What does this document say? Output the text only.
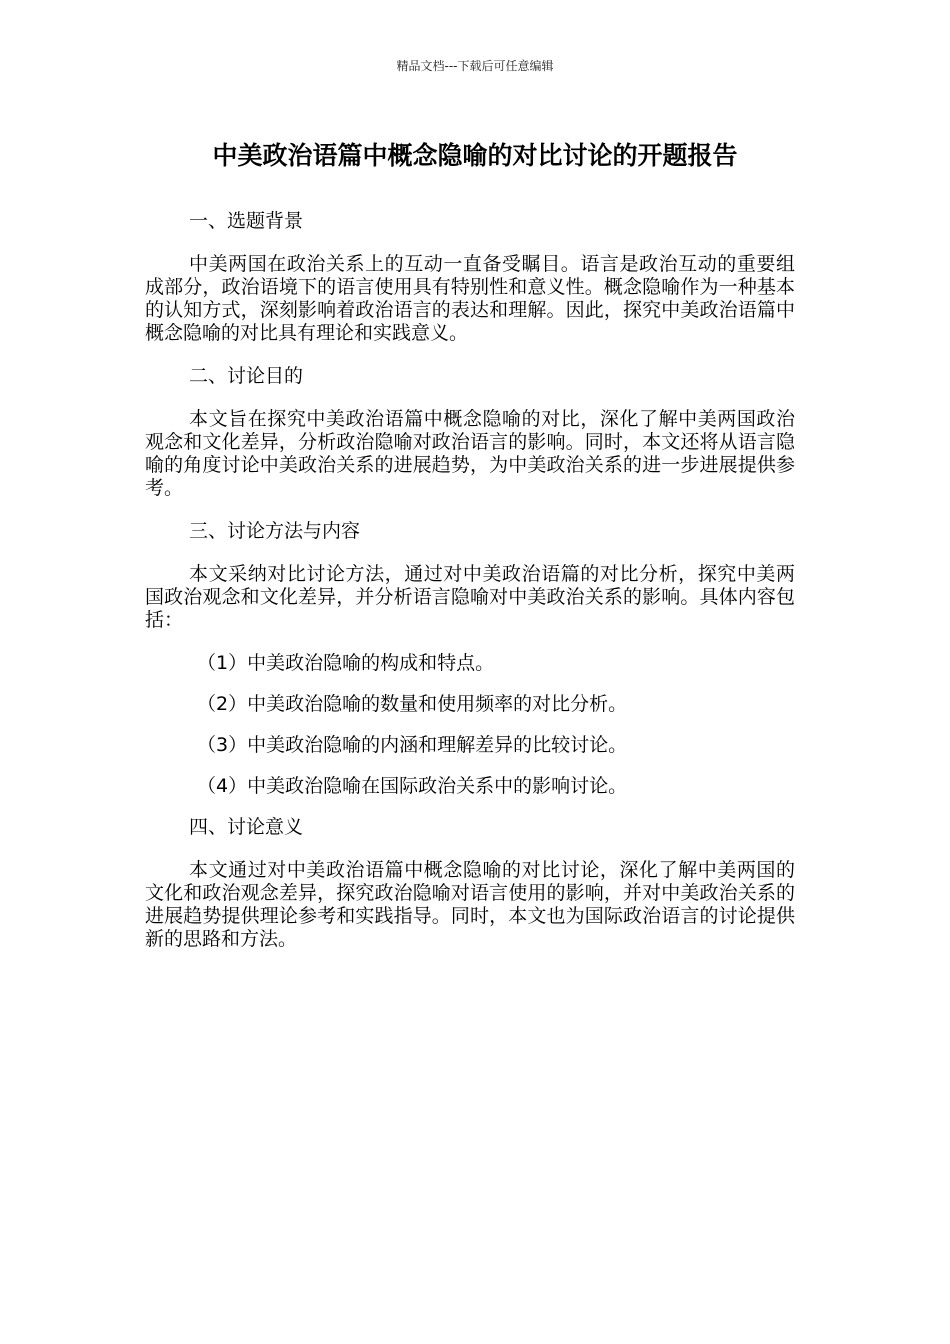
精品文档---下载后可任意编辑
中美政治语篇中概念隐喻的对比讨论的开题报告

一、选题背景

中美两国在政治关系上的互动一直备受瞩目。语言是政治互动的重要组成部分，政治语境下的语言使用具有特别性和意义性。概念隐喻作为一种基本的认知方式，深刻影响着政治语言的表达和理解。因此，探究中美政治语篇中概念隐喻的对比具有理论和实践意义。

二、讨论目的

本文旨在探究中美政治语篇中概念隐喻的对比，深化了解中美两国政治观念和文化差异，分析政治隐喻对政治语言的影响。同时，本文还将从语言隐喻的角度讨论中美政治关系的进展趋势，为中美政治关系的进一步进展提供参考。

三、讨论方法与内容

本文采纳对比讨论方法，通过对中美政治语篇的对比分析，探究中美两国政治观念和文化差异，并分析语言隐喻对中美政治关系的影响。具体内容包括：

（1）中美政治隐喻的构成和特点。
（2）中美政治隐喻的数量和使用频率的对比分析。
（3）中美政治隐喻的内涵和理解差异的比较讨论。
（4）中美政治隐喻在国际政治关系中的影响讨论。

四、讨论意义

本文通过对中美政治语篇中概念隐喻的对比讨论，深化了解中美两国的文化和政治观念差异，探究政治隐喻对语言使用的影响，并对中美政治关系的进展趋势提供理论参考和实践指导。同时，本文也为国际政治语言的讨论提供新的思路和方法。
